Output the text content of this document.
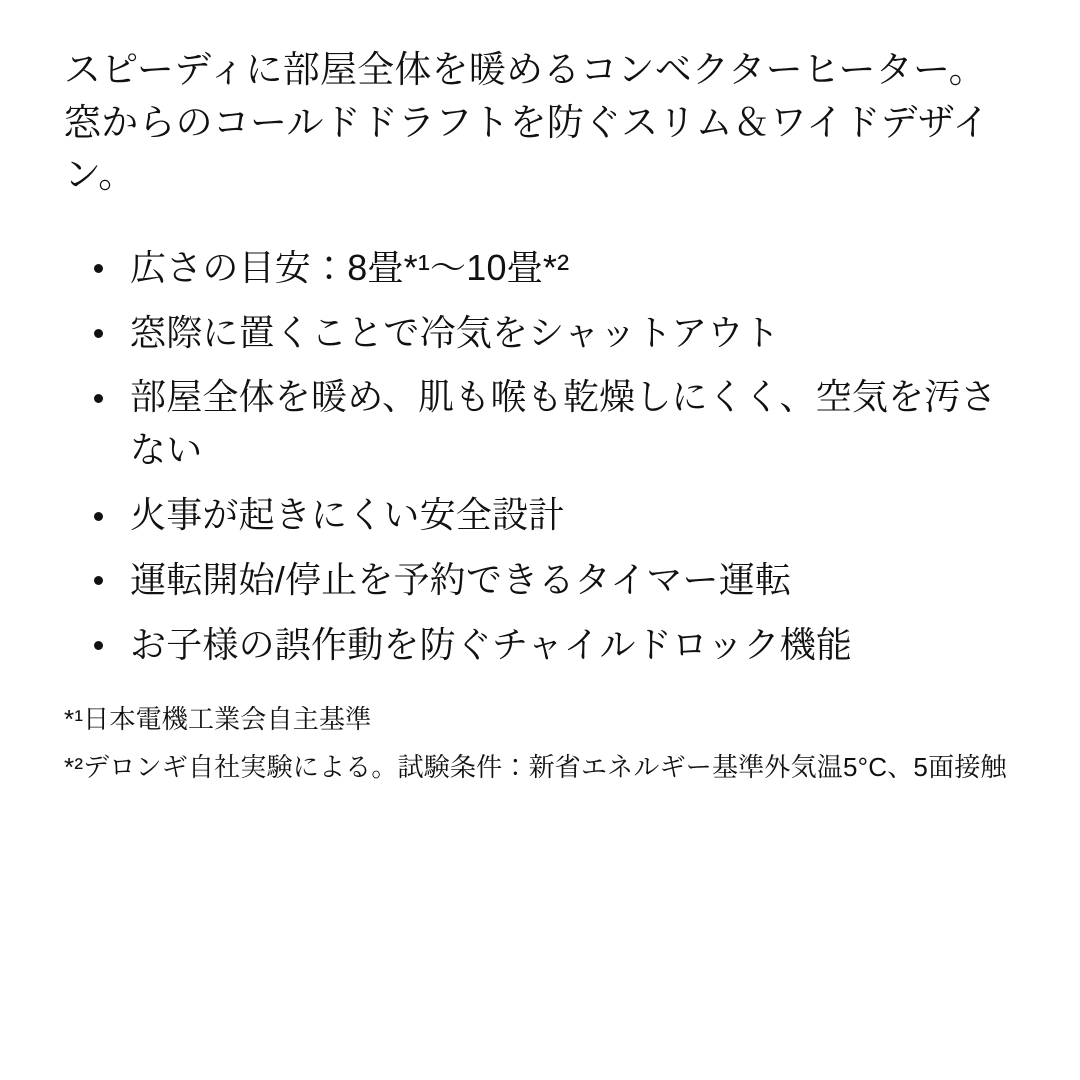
スピーディに部屋全体を暖めるコンベクターヒーター。窓からのコールドドラフトを防ぐスリム＆ワイドデザイン。

広さの目安：8畳*¹〜10畳*²
窓際に置くことで冷気をシャットアウト
部屋全体を暖め、肌も喉も乾燥しにくく、空気を汚さない
火事が起きにくい安全設計
運転開始/停止を予約できるタイマー運転
お子様の誤作動を防ぐチャイルドロック機能

*¹日本電機工業会自主基準

*²デロンギ自社実験による。試験条件：新省エネルギー基準外気温5°C、5面接触
